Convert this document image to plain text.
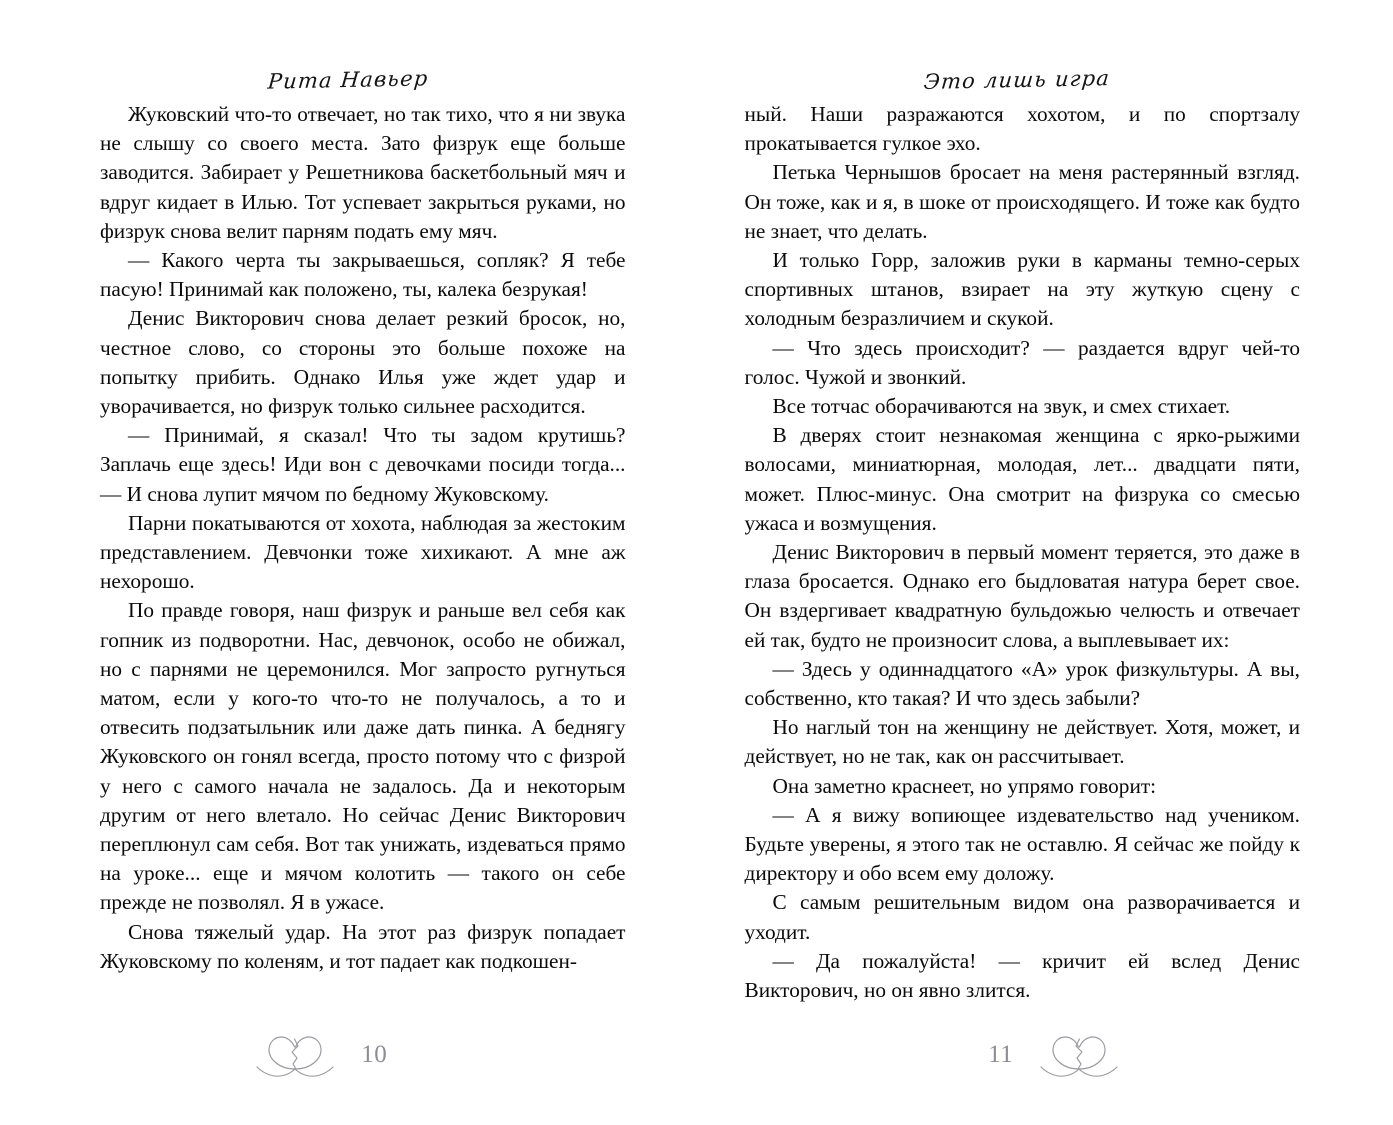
Рита Навьер

Жуковский что-то отвечает, но так тихо, что я ни звука не слышу со своего места. Зато физрук еще больше заводится. Забирает у Решетникова баскетбольный мяч и вдруг кидает в Илью. Тот успевает закрыться руками, но физрук снова велит парням подать ему мяч.

— Какого черта ты закрываешься, сопляк? Я тебе пасую! Принимай как положено, ты, калека безрукая!

Денис Викторович снова делает резкий бросок, но, честное слово, со стороны это больше похоже на попытку прибить. Однако Илья уже ждет удар и уворачивается, но физрук только сильнее расходится.

— Принимай, я сказал! Что ты задом крутишь? Заплачь еще здесь! Иди вон с девочками посиди тогда... — И снова лупит мячом по бедному Жуковскому.

Парни покатываются от хохота, наблюдая за жестоким представлением. Девчонки тоже хихикают. А мне аж нехорошо.

По правде говоря, наш физрук и раньше вел себя как гопник из подворотни. Нас, девчонок, особо не обижал, но с парнями не церемонился. Мог запросто ругнуться матом, если у кого-то что-то не получалось, а то и отвесить подзатыльник или даже дать пинка. А беднягу Жуковского он гонял всегда, просто потому что с физрой у него с самого начала не задалось. Да и некоторым другим от него влетало. Но сейчас Денис Викторович переплюнул сам себя. Вот так унижать, издеваться прямо на уроке... еще и мячом колотить — такого он себе прежде не позволял. Я в ужасе.

Снова тяжелый удар. На этот раз физрук попадает Жуковскому по коленям, и тот падает как подкошен-

10
Это лишь игра

ный. Наши разражаются хохотом, и по спортзалу прокатывается гулкое эхо.

Петька Чернышов бросает на меня растерянный взгляд. Он тоже, как и я, в шоке от происходящего. И тоже как будто не знает, что делать.

И только Горр, заложив руки в карманы темно-серых спортивных штанов, взирает на эту жуткую сцену с холодным безразличием и скукой.

— Что здесь происходит? — раздается вдруг чей-то голос. Чужой и звонкий.

Все тотчас оборачиваются на звук, и смех стихает.

В дверях стоит незнакомая женщина с ярко-рыжими волосами, миниатюрная, молодая, лет... двадцати пяти, может. Плюс-минус. Она смотрит на физрука со смесью ужаса и возмущения.

Денис Викторович в первый момент теряется, это даже в глаза бросается. Однако его быдловатая натура берет свое. Он вздергивает квадратную бульдожью челюсть и отвечает ей так, будто не произносит слова, а выплевывает их:

— Здесь у одиннадцатого «А» урок физкультуры. А вы, собственно, кто такая? И что здесь забыли?

Но наглый тон на женщину не действует. Хотя, может, и действует, но не так, как он рассчитывает.

Она заметно краснеет, но упрямо говорит:

— А я вижу вопиющее издевательство над учеником. Будьте уверены, я этого так не оставлю. Я сейчас же пойду к директору и обо всем ему доложу.

С самым решительным видом она разворачивается и уходит.

— Да пожалуйста! — кричит ей вслед Денис Викторович, но он явно злится.

11
